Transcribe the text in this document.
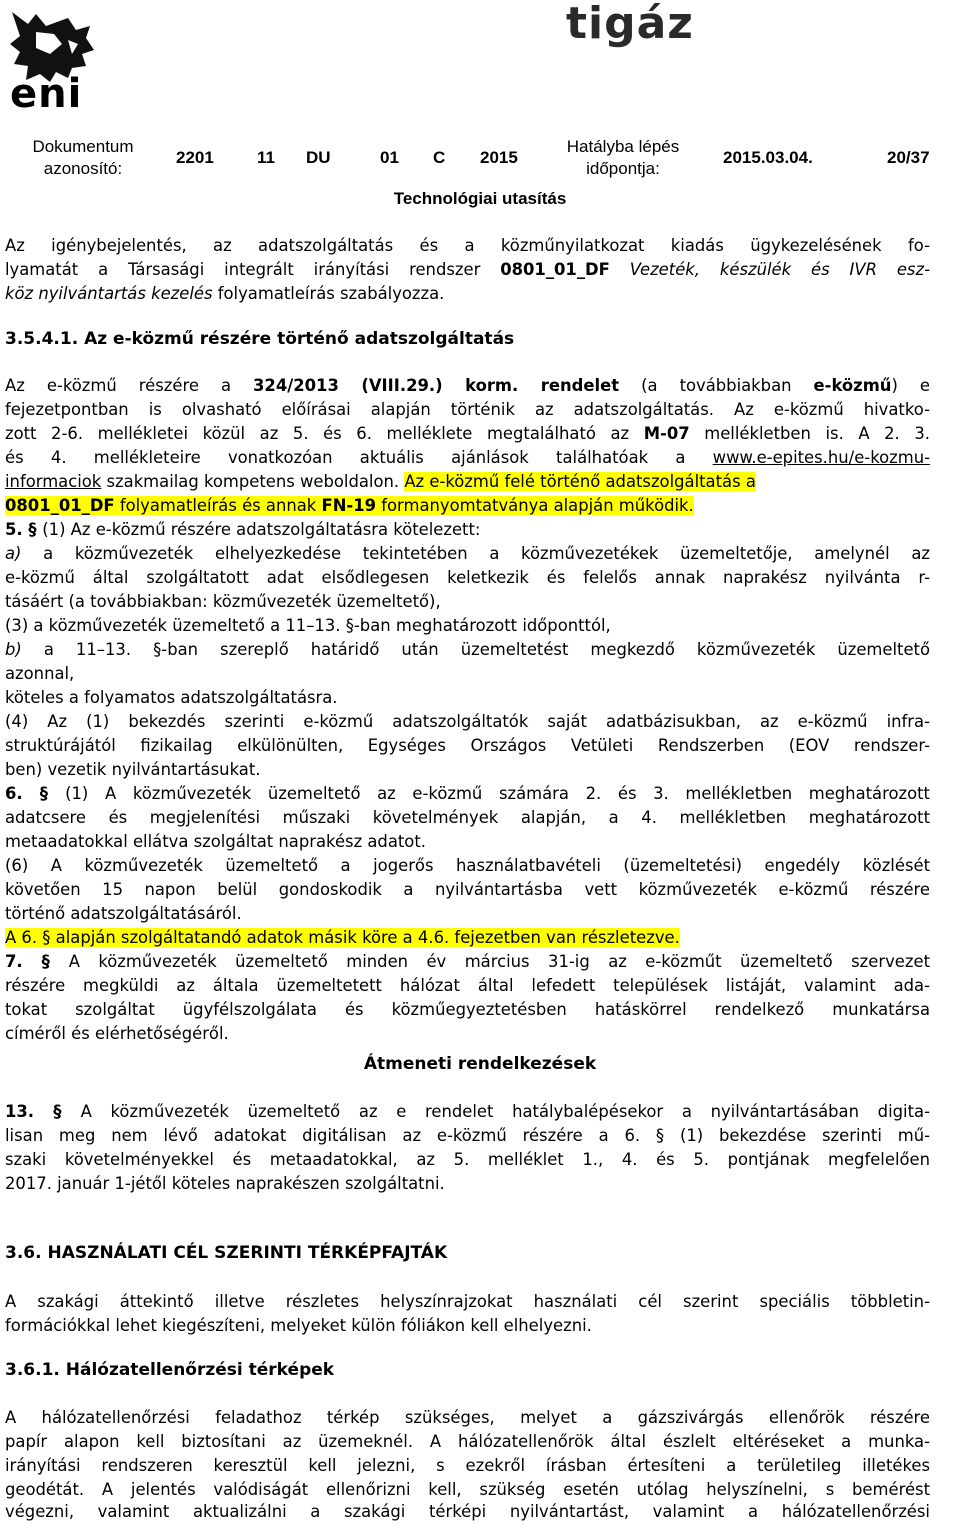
eni
tigáz
Dokumentum
azonosító:
2201	11 DU	01 C 2015
Hatályba lépés
időpontja:
2015.03.04.	20/37
Technológiai utasítás
Az igénybejelentés, az adatszolgáltatás és a közműnyilatkozat kiadás ügykezelésének fo-
lyamatát a Társasági integrált irányítási rendszer 0801_01_DF Vezeték, készülék és IVR esz-
köz nyilvántartás kezelés folyamatleírás szabályozza.
3.5.4.1. Az e-közmű részére történő adatszolgáltatás
Az e-közmű részére a 324/2013 (VIII.29.) korm. rendelet (a továbbiakban e-közmű) e
fejezetpontban is olvasható előírásai alapján történik az adatszolgáltatás. Az e-közmű hivatko-
zott 2-6. mellékletei közül az 5. és 6. melléklete megtalálható az M-07 mellékletben is. A 2. 3.
és 4. mellékleteire vonatkozóan aktuális ajánlások találhatóak a www.e-epites.hu/e-kozmu-
informaciok szakmailag kompetens weboldalon. Az e-közmű felé történő adatszolgáltatás a
0801_01_DF folyamatleírás és annak FN-19 formanyomtatványa alapján működik.
5. § (1) Az e-közmű részére adatszolgáltatásra kötelezett:
a) a közművezeték elhelyezkedése tekintetében a közművezetékek üzemeltetője, amelynél az
e-közmű által szolgáltatott adat elsődlegesen keletkezik és felelős annak naprakész nyilvánta r-
tásáért (a továbbiakban: közművezeték üzemeltető),
(3) a közművezeték üzemeltető a 11–13. §-ban meghatározott időponttól,
b) a 11–13. §-ban szereplő határidő után üzemeltetést megkezdő közművezeték üzemeltető
azonnal,
köteles a folyamatos adatszolgáltatásra.
(4) Az (1) bekezdés szerinti e-közmű adatszolgáltatók saját adatbázisukban, az e-közmű infra-
struktúrájától fizikailag elkülönülten, Egységes Országos Vetületi Rendszerben (EOV rendszer-
ben) vezetik nyilvántartásukat.
6. § (1) A közművezeték üzemeltető az e-közmű számára 2. és 3. mellékletben meghatározott
adatcsere és megjelenítési műszaki követelmények alapján, a 4. mellékletben meghatározott
metaadatokkal ellátva szolgáltat naprakész adatot.
(6) A közművezeték üzemeltető a jogerős használatbavételi (üzemeltetési) engedély közlését
követően 15 napon belül gondoskodik a nyilvántartásba vett közművezeték e-közmű részére
történő adatszolgáltatásáról.
A 6. § alapján szolgáltatandó adatok másik köre a 4.6. fejezetben van részletezve.
7. § A közművezeték üzemeltető minden év március 31-ig az e-közműt üzemeltető szervezet
részére megküldi az általa üzemeltetett hálózat által lefedett települések listáját, valamint ada-
tokat szolgáltat ügyfélszolgálata és közműegyeztetésben hatáskörrel rendelkező munkatársa
címéről és elérhetőségéről.
Átmeneti rendelkezések
13. § A közművezeték üzemeltető az e rendelet hatálybalépésekor a nyilvántartásában digita-
lisan meg nem lévő adatokat digitálisan az e-közmű részére a 6. § (1) bekezdése szerinti mű-
szaki követelményekkel és metaadatokkal, az 5. melléklet 1., 4. és 5. pontjának megfelelően
2017. január 1-jétől köteles naprakészen szolgáltatni.
3.6. HASZNÁLATI CÉL SZERINTI TÉRKÉPFAJTÁK
A szakági áttekintő illetve részletes helyszínrajzokat használati cél szerint speciális többletin-
formációkkal lehet kiegészíteni, melyeket külön fóliákon kell elhelyezni.
3.6.1. Hálózatellenőrzési térképek
A hálózatellenőrzési feladathoz térkép szükséges, melyet a gázszivárgás ellenőrök részére
papír alapon kell biztosítani az üzemeknél. A hálózatellenőrök által észlelt eltéréseket a munka-
irányítási rendszeren keresztül kell jelezni, s ezekről írásban értesíteni a területileg illetékes
geodétát. A jelentés valódiságát ellenőrizni kell, szükség esetén utólag helyszínelni, s bemérést
végezni, valamint aktualizálni a szakági térképi nyilvántartást, valamint a hálózatellenőrzési
